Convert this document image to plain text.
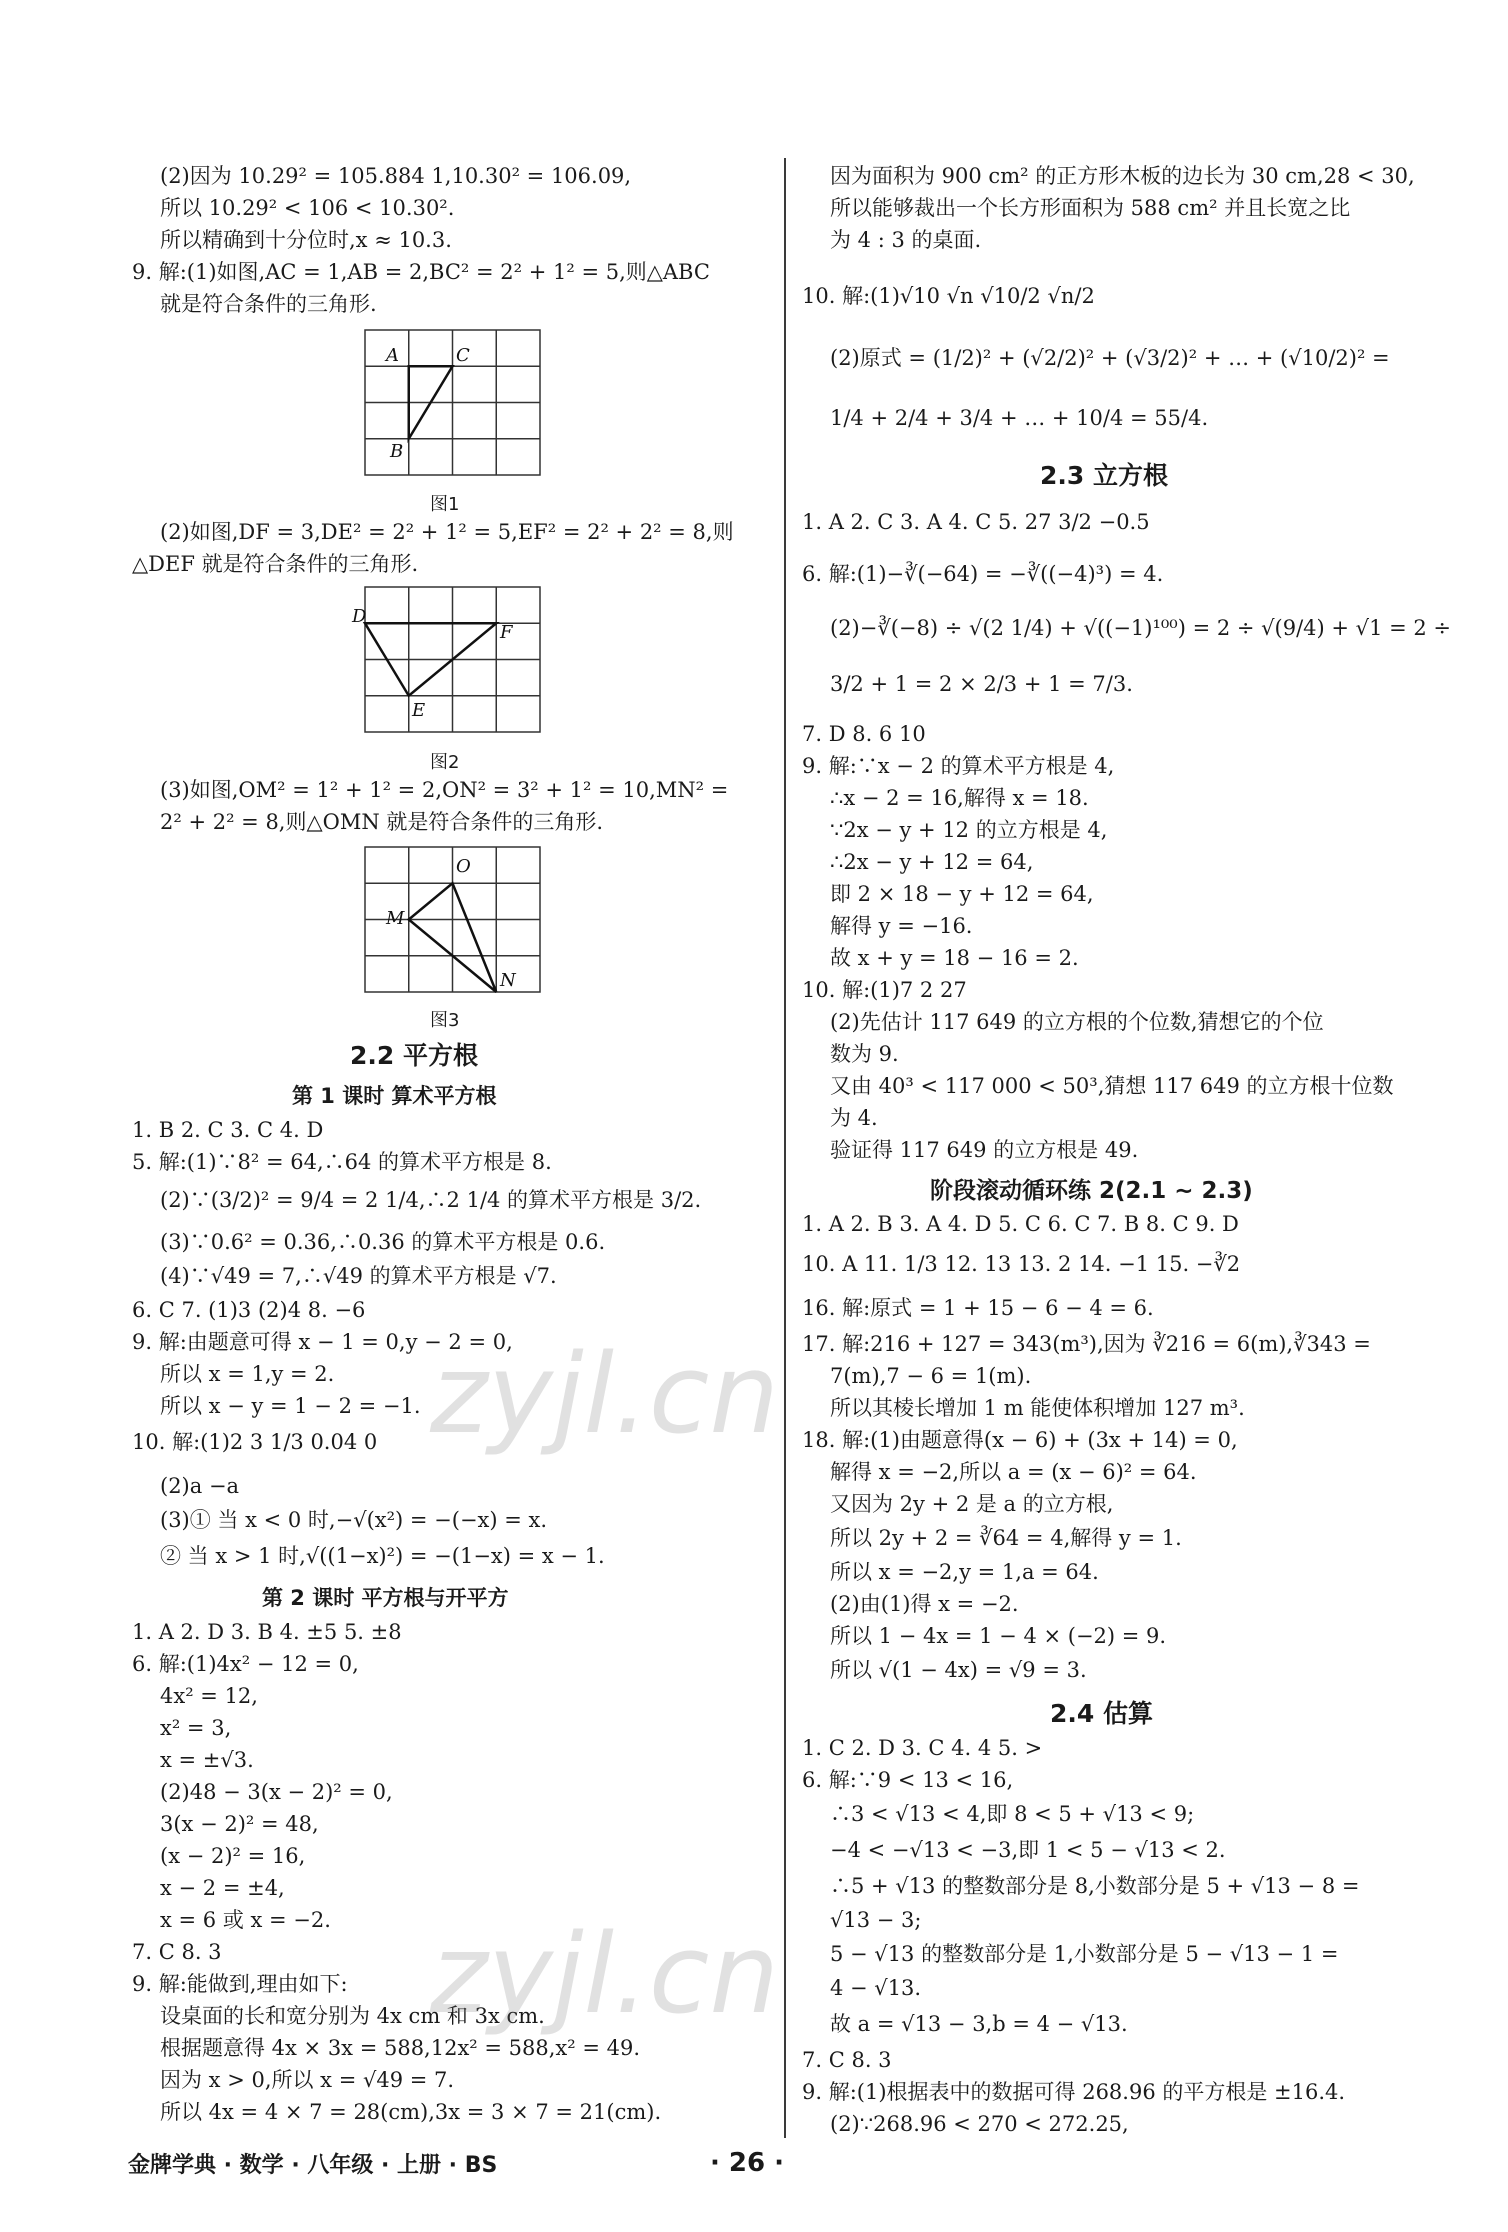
(2)因为 10.29² = 105.884 1,10.30² = 106.09,
所以 10.29² < 106 < 10.30².
所以精确到十分位时,x ≈ 10.3.
9. 解:(1)如图,AC = 1,AB = 2,BC² = 2² + 1² = 5,则△ABC
就是符合条件的三角形.
A	C
B
图1
(2)如图,DF = 3,DE² = 2² + 1² = 5,EF² = 2² + 2² = 8,则
△DEF 就是符合条件的三角形.
D
F
E
图2
(3)如图,OM² = 1² + 1² = 2,ON² = 3² + 1² = 10,MN² =
2² + 2² = 8,则△OMN 就是符合条件的三角形.
O
M
N
图3
2.2 平方根
第 1 课时 算术平方根
1. B 2. C 3. C 4. D
5. 解:(1)∵8² = 64,∴64 的算术平方根是 8.
(2)∵(3/2)² = 9/4 = 2 1/4,∴2 1/4 的算术平方根是 3/2.
(3)∵0.6² = 0.36,∴0.36 的算术平方根是 0.6.
(4)∵√49 = 7,∴√49 的算术平方根是 √7.
6. C 7. (1)3 (2)4 8. −6
9. 解:由题意可得 x − 1 = 0,y − 2 = 0,
所以 x = 1,y = 2.
所以 x − y = 1 − 2 = −1.
10. 解:(1)2 3 1/3 0.04 0
(2)a −a
(3)① 当 x < 0 时,−√(x²) = −(−x) = x.
② 当 x > 1 时,√((1−x)²) = −(1−x) = x − 1.
第 2 课时 平方根与开平方
1. A 2. D 3. B 4. ±5 5. ±8
6. 解:(1)4x² − 12 = 0,
4x² = 12,
x² = 3,
x = ±√3.
(2)48 − 3(x − 2)² = 0,
3(x − 2)² = 48,
(x − 2)² = 16,
x − 2 = ±4,
x = 6 或 x = −2.
7. C 8. 3
9. 解:能做到,理由如下:
设桌面的长和宽分别为 4x cm 和 3x cm.
根据题意得 4x × 3x = 588,12x² = 588,x² = 49.
因为 x > 0,所以 x = √49 = 7.
所以 4x = 4 × 7 = 28(cm),3x = 3 × 7 = 21(cm).
因为面积为 900 cm² 的正方形木板的边长为 30 cm,28 < 30,
所以能够裁出一个长方形面积为 588 cm² 并且长宽之比
为 4 : 3 的桌面.
10. 解:(1)√10 √n √10/2 √n/2
(2)原式 = (1/2)² + (√2/2)² + (√3/2)² + … + (√10/2)² =
1/4 + 2/4 + 3/4 + … + 10/4 = 55/4.
2.3 立方根
1. A 2. C 3. A 4. C 5. 27 3/2 −0.5
6. 解:(1)−∛(−64) = −∛((−4)³) = 4.
(2)−∛(−8) ÷ √(2 1/4) + √((−1)¹⁰⁰) = 2 ÷ √(9/4) + √1 = 2 ÷
3/2 + 1 = 2 × 2/3 + 1 = 7/3.
7. D 8. 6 10
9. 解:∵x − 2 的算术平方根是 4,
∴x − 2 = 16,解得 x = 18.
∵2x − y + 12 的立方根是 4,
∴2x − y + 12 = 64,
即 2 × 18 − y + 12 = 64,
解得 y = −16.
故 x + y = 18 − 16 = 2.
10. 解:(1)7 2 27
(2)先估计 117 649 的立方根的个位数,猜想它的个位
数为 9.
又由 40³ < 117 000 < 50³,猜想 117 649 的立方根十位数
为 4.
验证得 117 649 的立方根是 49.
阶段滚动循环练 2(2.1 ~ 2.3)
1. A 2. B 3. A 4. D 5. C 6. C 7. B 8. C 9. D
10. A 11. 1/3 12. 13 13. 2 14. −1 15. −∛2
16. 解:原式 = 1 + 15 − 6 − 4 = 6.
17. 解:216 + 127 = 343(m³),因为 ∛216 = 6(m),∛343 =
7(m),7 − 6 = 1(m).
所以其棱长增加 1 m 能使体积增加 127 m³.
18. 解:(1)由题意得(x − 6) + (3x + 14) = 0,
解得 x = −2,所以 a = (x − 6)² = 64.
又因为 2y + 2 是 a 的立方根,
所以 2y + 2 = ∛64 = 4,解得 y = 1.
所以 x = −2,y = 1,a = 64.
(2)由(1)得 x = −2.
所以 1 − 4x = 1 − 4 × (−2) = 9.
所以 √(1 − 4x) = √9 = 3.
2.4 估算
1. C 2. D 3. C 4. 4 5. >
6. 解:∵9 < 13 < 16,
∴3 < √13 < 4,即 8 < 5 + √13 < 9;
−4 < −√13 < −3,即 1 < 5 − √13 < 2.
∴5 + √13 的整数部分是 8,小数部分是 5 + √13 − 8 =
√13 − 3;
5 − √13 的整数部分是 1,小数部分是 5 − √13 − 1 =
4 − √13.
故 a = √13 − 3,b = 4 − √13.
7. C 8. 3
9. 解:(1)根据表中的数据可得 268.96 的平方根是 ±16.4.
(2)∵268.96 < 270 < 272.25,
zyjl.cn
zyjl.cn
金牌学典 · 数学 · 八年级 · 上册 · BS	· 26 ·
